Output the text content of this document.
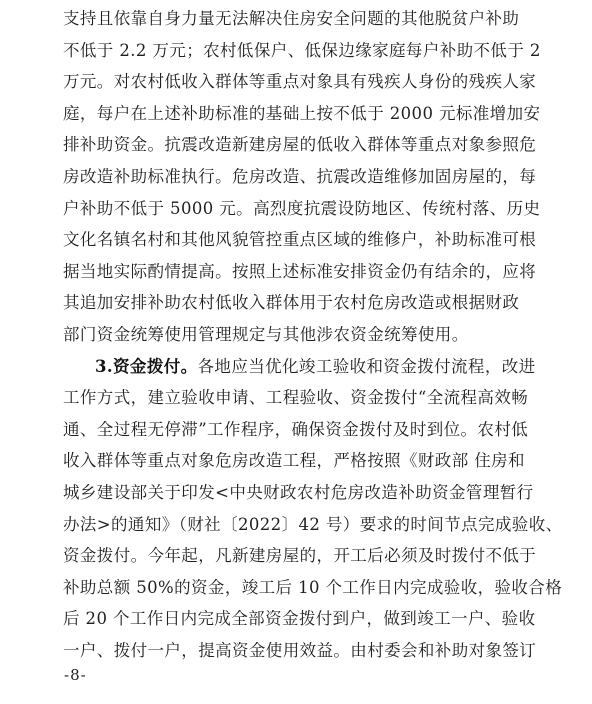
支持且依靠自身力量无法解决住房安全问题的其他脱贫户补助
不低于 2.2 万元；农村低保户、低保边缘家庭每户补助不低于 2
万元。对农村低收入群体等重点对象具有残疾人身份的残疾人家
庭，每户在上述补助标准的基础上按不低于 2000 元标准增加安
排补助资金。抗震改造新建房屋的低收入群体等重点对象参照危
房改造补助标准执行。危房改造、抗震改造维修加固房屋的，每
户补助不低于 5000 元。高烈度抗震设防地区、传统村落、历史
文化名镇名村和其他风貌管控重点区域的维修户，补助标准可根
据当地实际酌情提高。按照上述标准安排资金仍有结余的，应将
其追加安排补助农村低收入群体用于农村危房改造或根据财政
部门资金统筹使用管理规定与其他涉农资金统筹使用。
3.资金拨付。各地应当优化竣工验收和资金拨付流程，改进
工作方式，建立验收申请、工程验收、资金拨付“全流程高效畅
通、全过程无停滞”工作程序，确保资金拨付及时到位。农村低
收入群体等重点对象危房改造工程，严格按照《财政部 住房和
城乡建设部关于印发<中央财政农村危房改造补助资金管理暂行
办法>的通知》（财社〔2022〕42 号）要求的时间节点完成验收、
资金拨付。今年起，凡新建房屋的，开工后必须及时拨付不低于
补助总额 50%的资金，竣工后 10 个工作日内完成验收，验收合格
后 20 个工作日内完成全部资金拨付到户，做到竣工一户、验收
一户、拨付一户，提高资金使用效益。由村委会和补助对象签订
-8-
